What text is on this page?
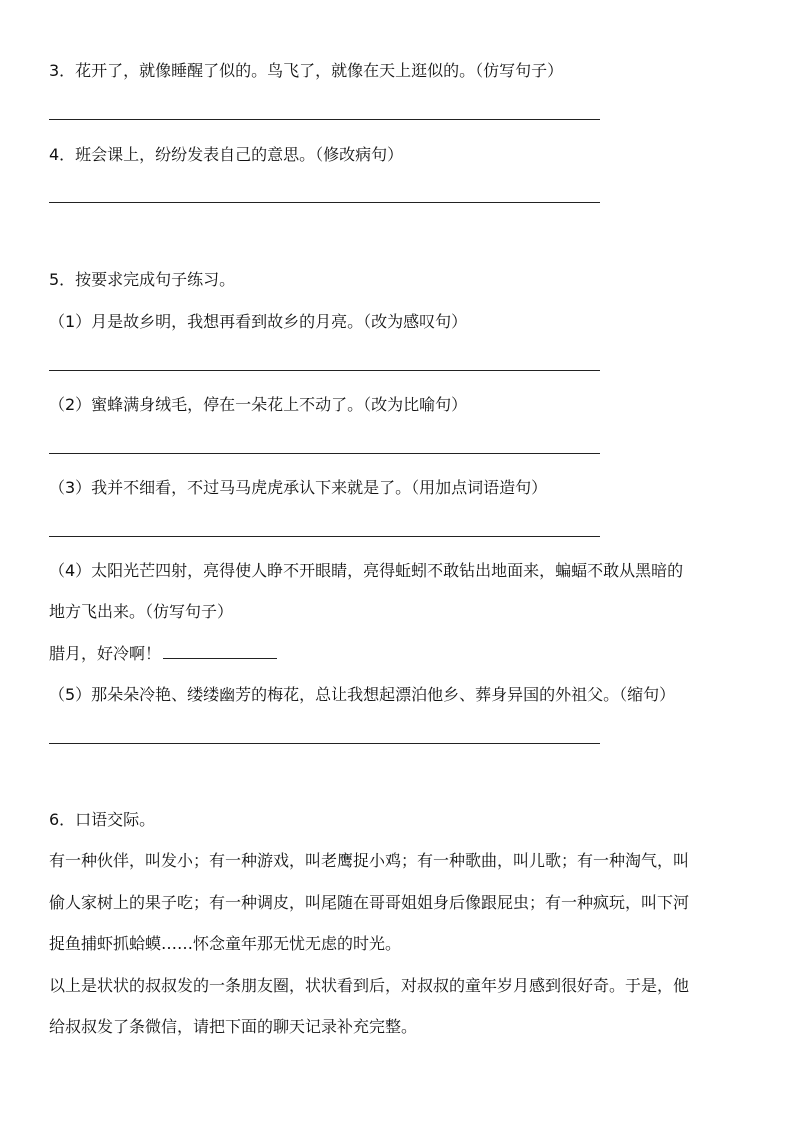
3．花开了，就像睡醒了似的。鸟飞了，就像在天上逛似的。（仿写句子）
4．班会课上，纷纷发表自己的意思。（修改病句）
5．按要求完成句子练习。
（1）月是故乡明，我想再看到故乡的月亮。（改为感叹句）
（2）蜜蜂满身绒毛，停在一朵花上不动了。（改为比喻句）
（3）我并不细看，不过马马虎虎承认下来就是了。（用加点词语造句）
（4）太阳光芒四射，亮得使人睁不开眼睛，亮得蚯蚓不敢钻出地面来，蝙蝠不敢从黑暗的
地方飞出来。（仿写句子）
腊月，好冷啊！
（5）那朵朵冷艳、缕缕幽芳的梅花，总让我想起漂泊他乡、葬身异国的外祖父。（缩句）
6．口语交际。
有一种伙伴，叫发小；有一种游戏，叫老鹰捉小鸡；有一种歌曲，叫儿歌；有一种淘气，叫
偷人家树上的果子吃；有一种调皮，叫尾随在哥哥姐姐身后像跟屁虫；有一种疯玩，叫下河
捉鱼捕虾抓蛤蟆……怀念童年那无忧无虑的时光。
以上是状状的叔叔发的一条朋友圈，状状看到后，对叔叔的童年岁月感到很好奇。于是，他
给叔叔发了条微信，请把下面的聊天记录补充完整。
